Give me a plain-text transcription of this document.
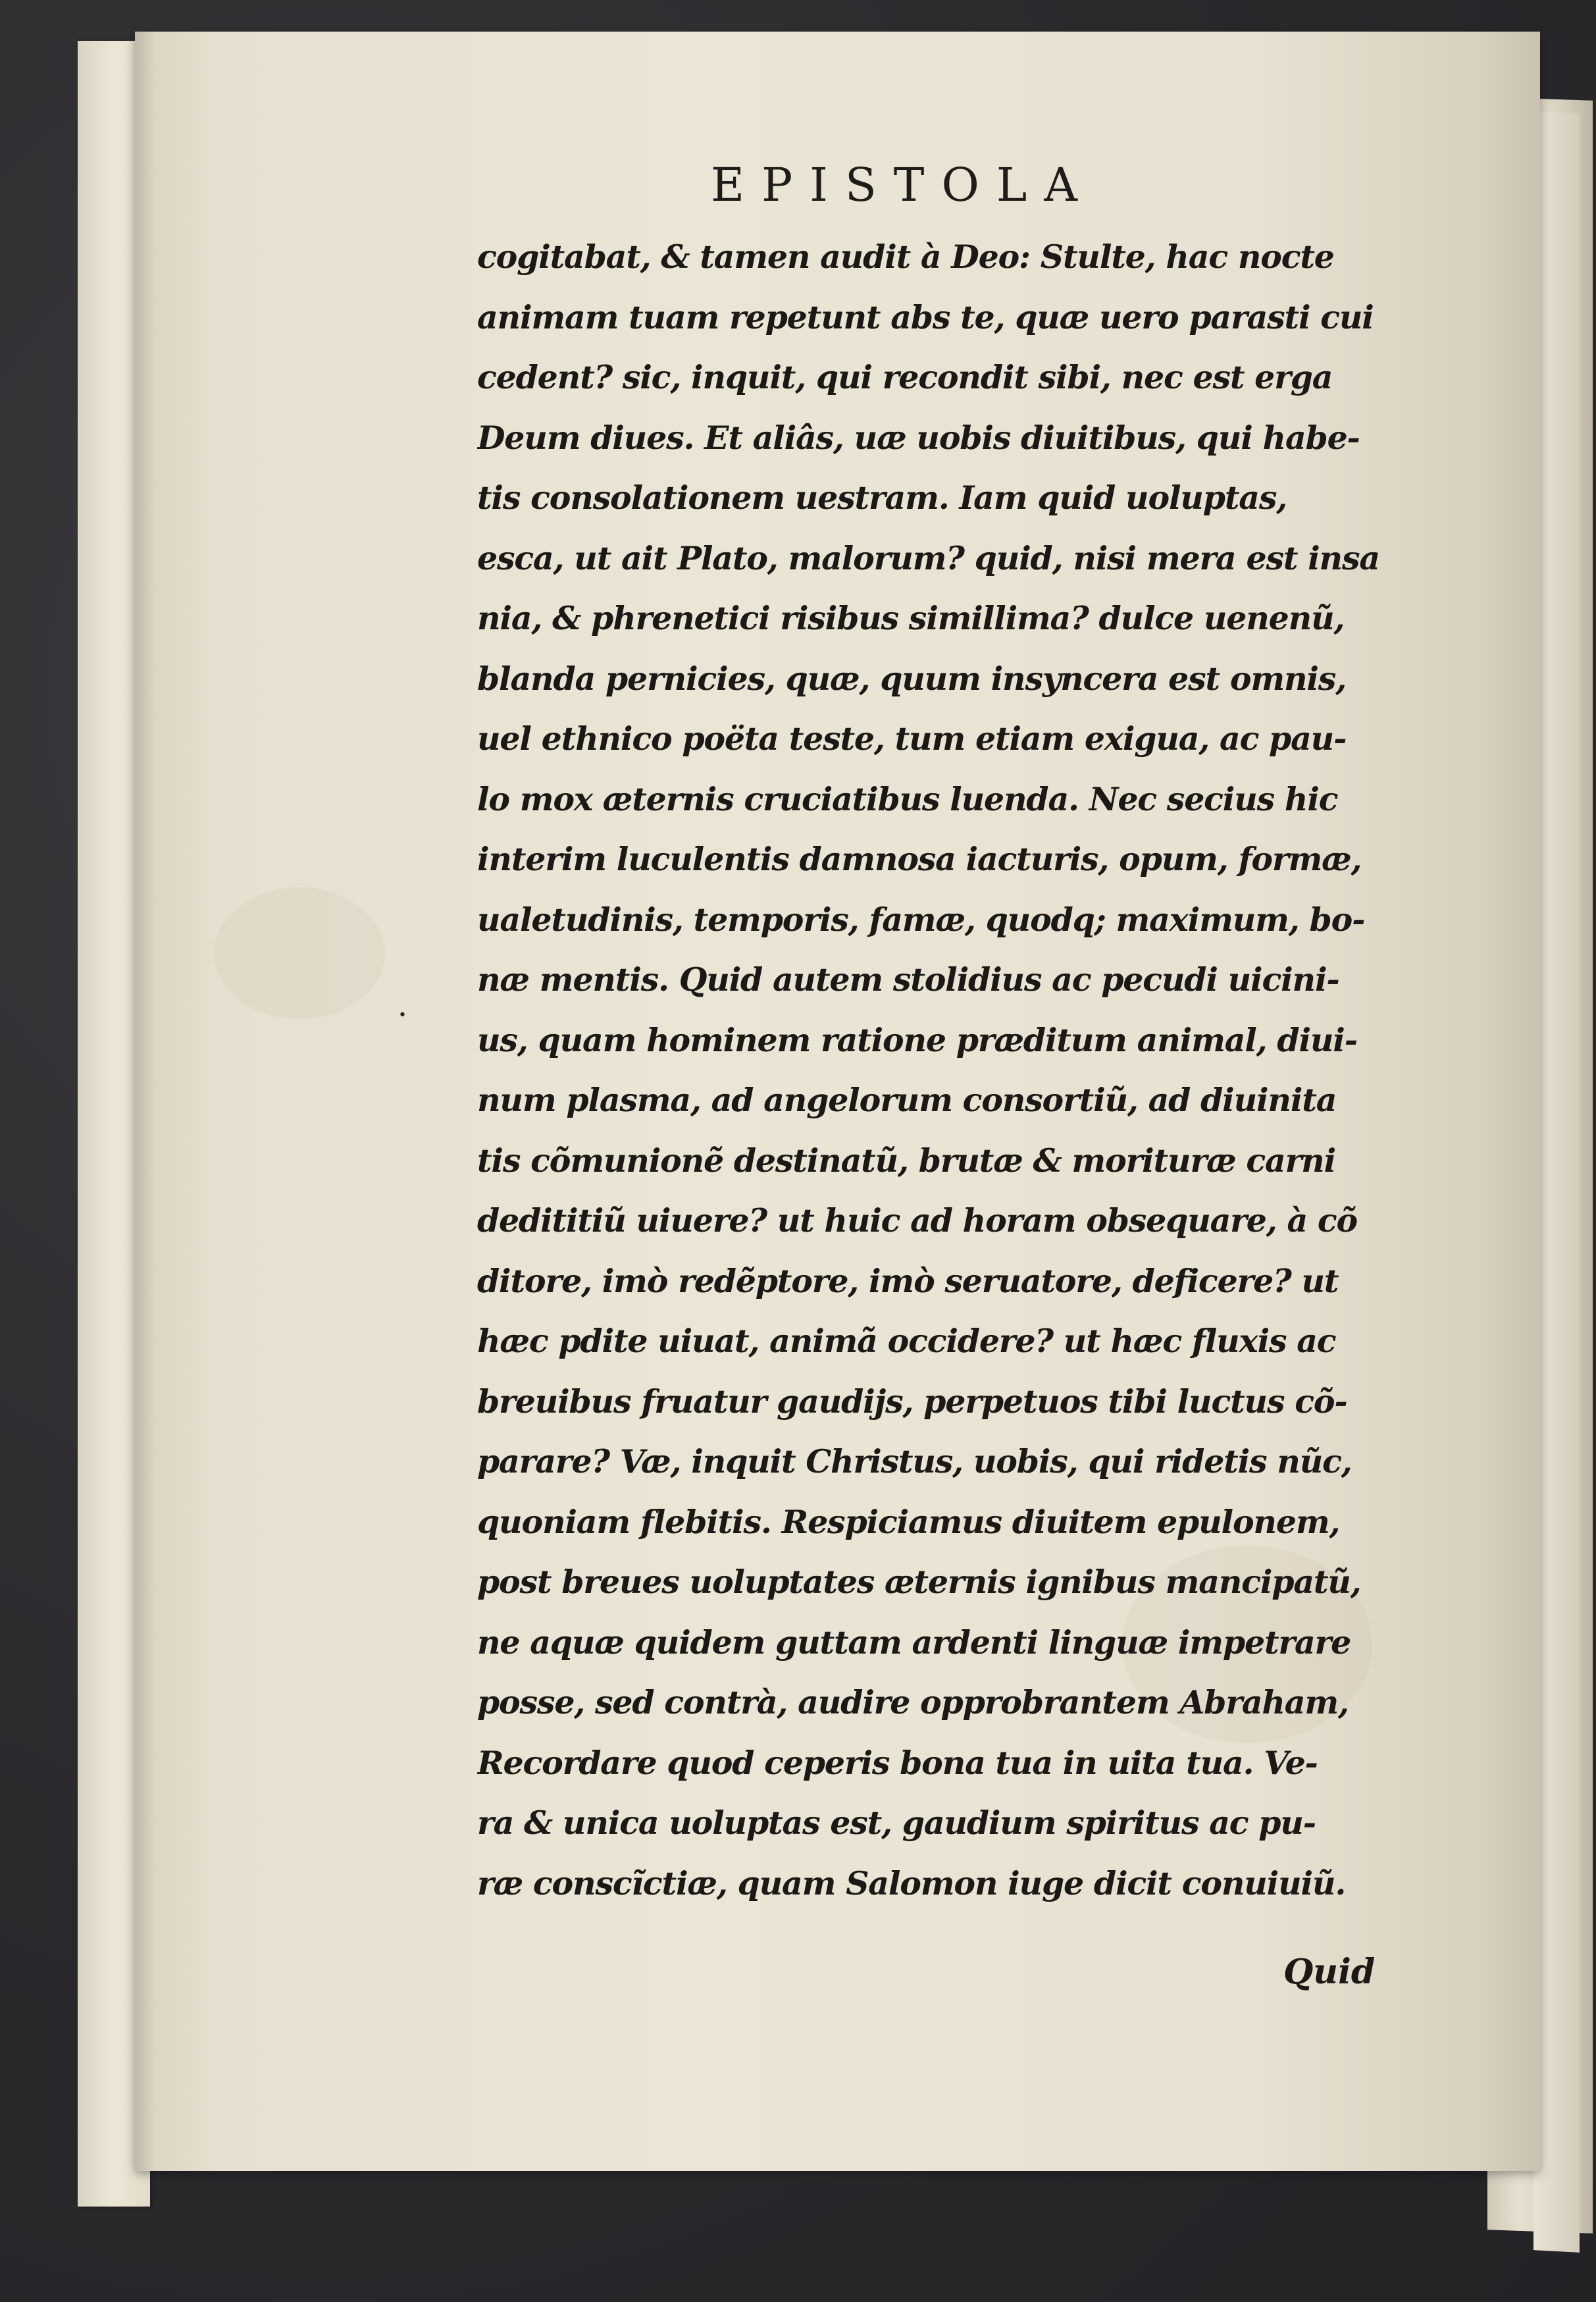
•
EPISTOLA
cogitabat, & tamen audit à Deo: Stulte, hac nocte
animam tuam repetunt abs te, quæ uero parasti cui
cedent? sic, inquit, qui recondit sibi, nec est erga
Deum diues. Et aliâs, uæ uobis diuitibus, qui habe-
tis consolationem uestram. Iam quid uoluptas,
esca, ut ait Plato, malorum? quid, nisi mera est insa
nia, & phrenetici risibus simillima? dulce uenenũ,
blanda pernicies, quæ, quum insyncera est omnis,
uel ethnico poëta teste, tum etiam exigua, ac pau-
lo mox æternis cruciatibus luenda. Nec secius hic
interim luculentis damnosa iacturis, opum, formæ,
ualetudinis, temporis, famæ, quodq; maximum, bo-
næ mentis. Quid autem stolidius ac pecudi uicini-
us, quam hominem ratione præditum animal, diui-
num plasma, ad angelorum consortiũ, ad diuinita
tis cõmunionẽ destinatũ, brutæ & morituræ carni
dedititiũ uiuere? ut huic ad horam obsequare, à cõ
ditore, imò redẽptore, imò seruatore, deficere? ut
hæc pdite uiuat, animã occidere? ut hæc fluxis ac
breuibus fruatur gaudijs, perpetuos tibi luctus cõ-
parare? Væ, inquit Christus, uobis, qui ridetis nũc,
quoniam flebitis. Respiciamus diuitem epulonem,
post breues uoluptates æternis ignibus mancipatũ,
ne aquæ quidem guttam ardenti linguæ impetrare
posse, sed contrà, audire opprobrantem Abraham,
Recordare quod ceperis bona tua in uita tua. Ve-
ra & unica uoluptas est, gaudium spiritus ac pu-
ræ conscĩctiæ, quam Salomon iuge dicit conuiuiũ.
Quid
